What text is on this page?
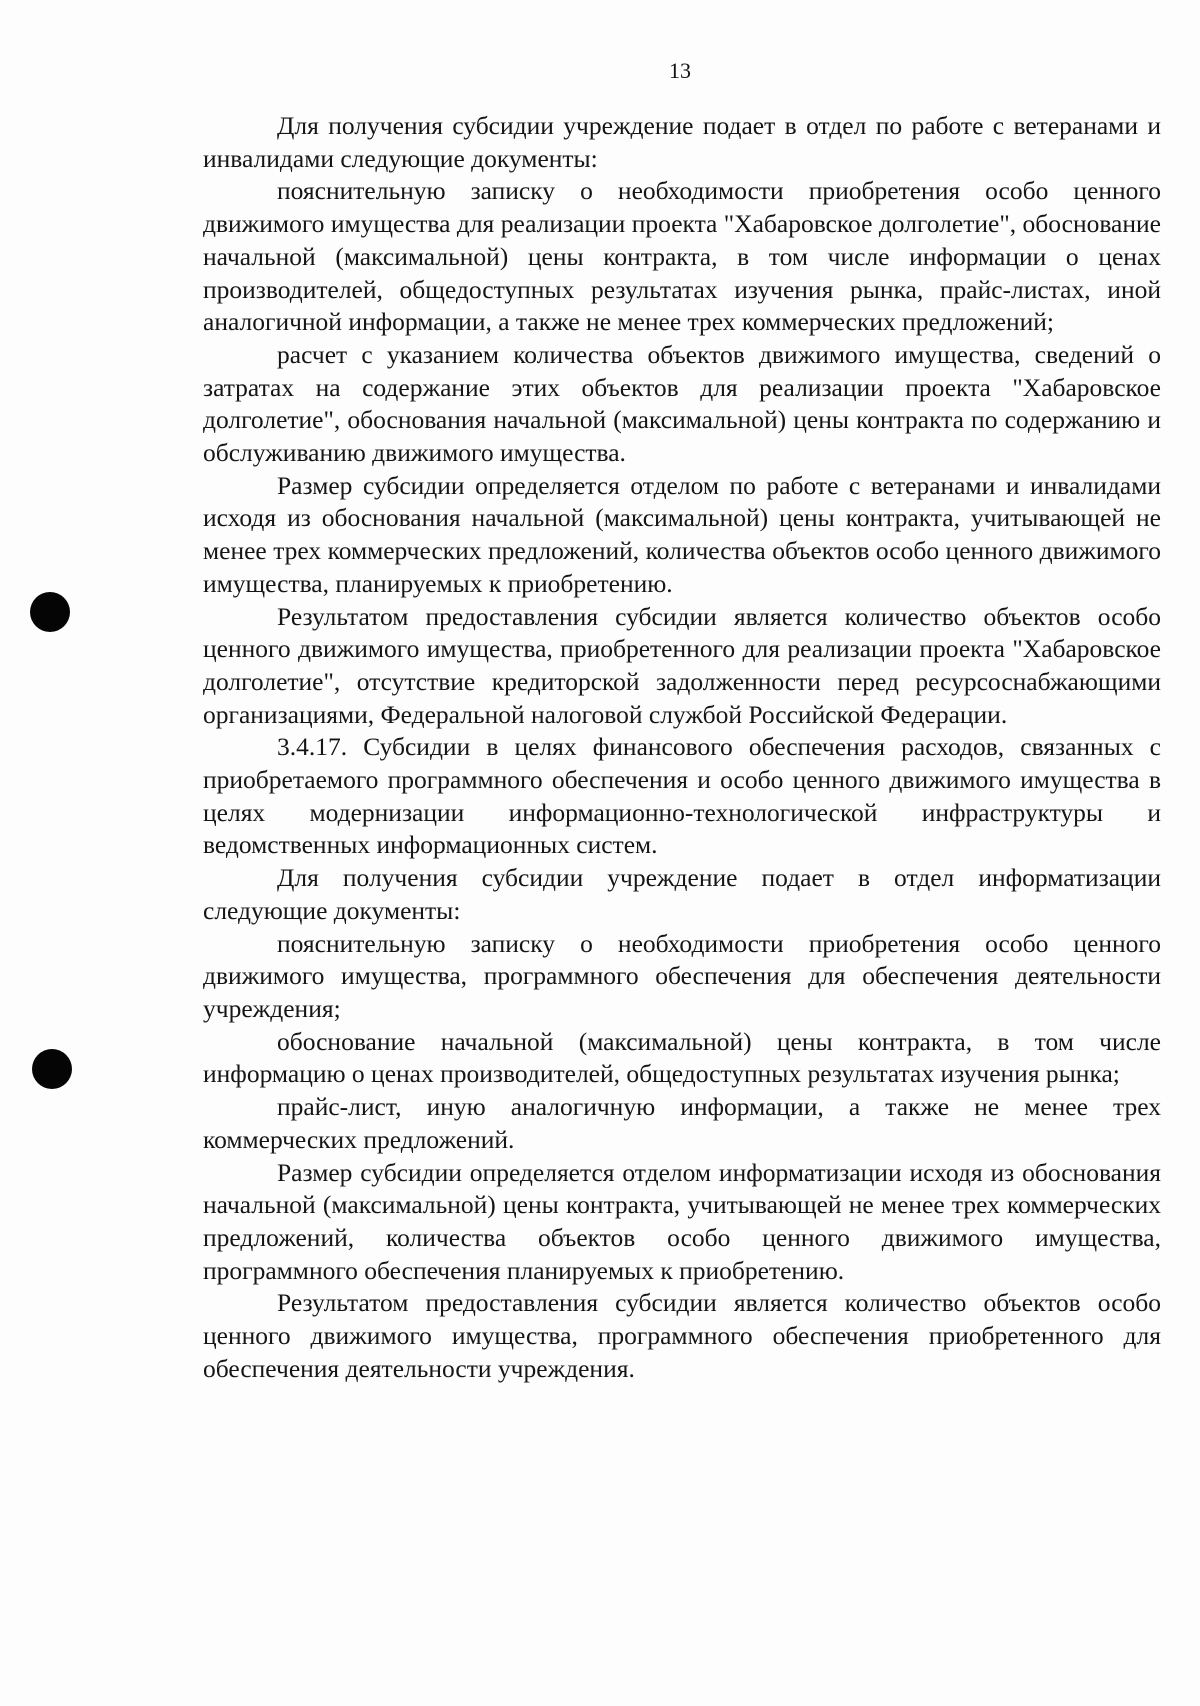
13

Для получения субсидии учреждение подает в отдел по работе с ветеранами и инвалидами следующие документы:

пояснительную записку о необходимости приобретения особо ценного движимого имущества для реализации проекта "Хабаровское долголетие", обоснование начальной (максимальной) цены контракта, в том числе информации о ценах производителей, общедоступных результатах изучения рынка, прайс-листах, иной аналогичной информации, а также не менее трех коммерческих предложений;

расчет с указанием количества объектов движимого имущества, сведений о затратах на содержание этих объектов для реализации проекта "Хабаровское долголетие", обоснования начальной (максимальной) цены контракта по содержанию и обслуживанию движимого имущества.

Размер субсидии определяется отделом по работе с ветеранами и инвалидами исходя из обоснования начальной (максимальной) цены контракта, учитывающей не менее трех коммерческих предложений, количества объектов особо ценного движимого имущества, планируемых к приобретению.

Результатом предоставления субсидии является количество объектов особо ценного движимого имущества, приобретенного для реализации проекта "Хабаровское долголетие", отсутствие кредиторской задолженности перед ресурсоснабжающими организациями, Федеральной налоговой службой Российской Федерации.

3.4.17. Субсидии в целях финансового обеспечения расходов, связанных с приобретаемого программного обеспечения и особо ценного движимого имущества в целях модернизации информационно-технологической инфраструктуры и ведомственных информационных систем.

Для получения субсидии учреждение подает в отдел информатизации следующие документы:

пояснительную записку о необходимости приобретения особо ценного движимого имущества, программного обеспечения для обеспечения деятельности учреждения;

обоснование начальной (максимальной) цены контракта, в том числе информацию о ценах производителей, общедоступных результатах изучения рынка;

прайс-лист, иную аналогичную информации, а также не менее трех коммерческих предложений.

Размер субсидии определяется отделом информатизации исходя из обоснования начальной (максимальной) цены контракта, учитывающей не менее трех коммерческих предложений, количества объектов особо ценного движимого имущества, программного обеспечения планируемых к приобретению.

Результатом предоставления субсидии является количество объектов особо ценного движимого имущества, программного обеспечения приобретенного для обеспечения деятельности учреждения.
